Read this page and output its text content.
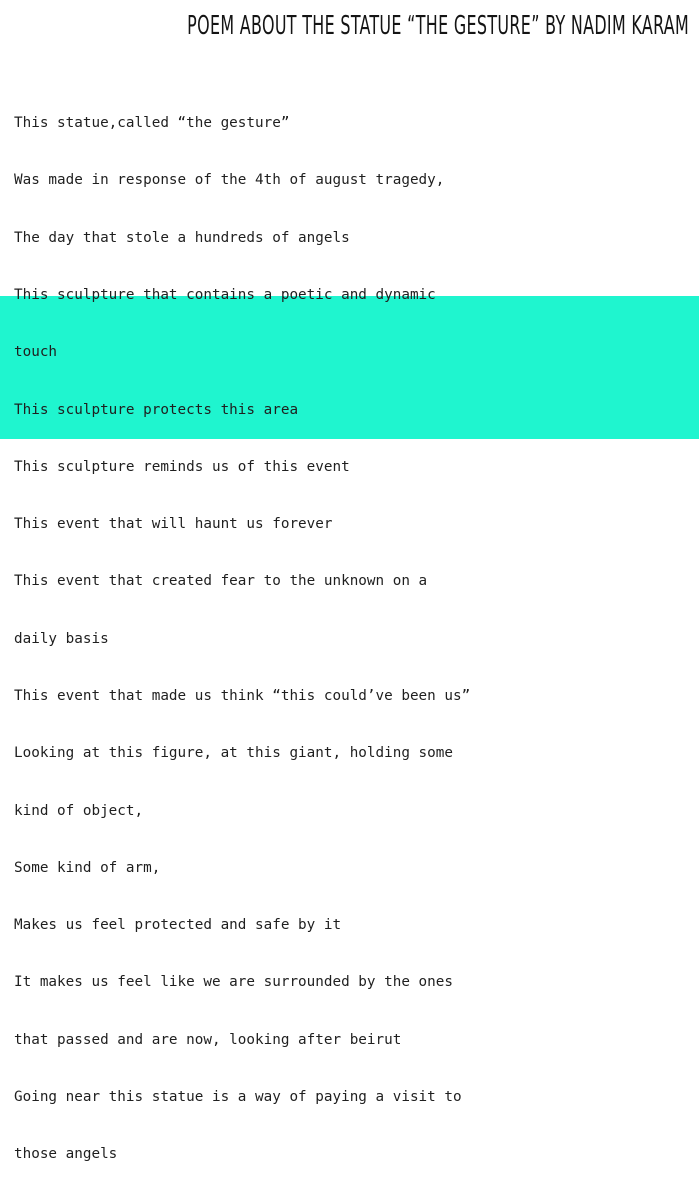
POEM ABOUT THE STATUE “THE GESTURE” BY NADIM KARAM

This statue,called “the gesture”

Was made in response of the 4th of august tragedy,

The day that stole a hundreds of angels

This sculpture that contains a poetic and dynamic

touch

This sculpture protects this area

This sculpture reminds us of this event

This event that will haunt us forever

This event that created fear to the unknown on a

daily basis

This event that made us think “this could’ve been us”

Looking at this figure, at this giant, holding some

kind of object,

Some kind of arm,

Makes us feel protected and safe by it

It makes us feel like we are surrounded by the ones

that passed and are now, looking after beirut

Going near this statue is a way of paying a visit to

those angels
